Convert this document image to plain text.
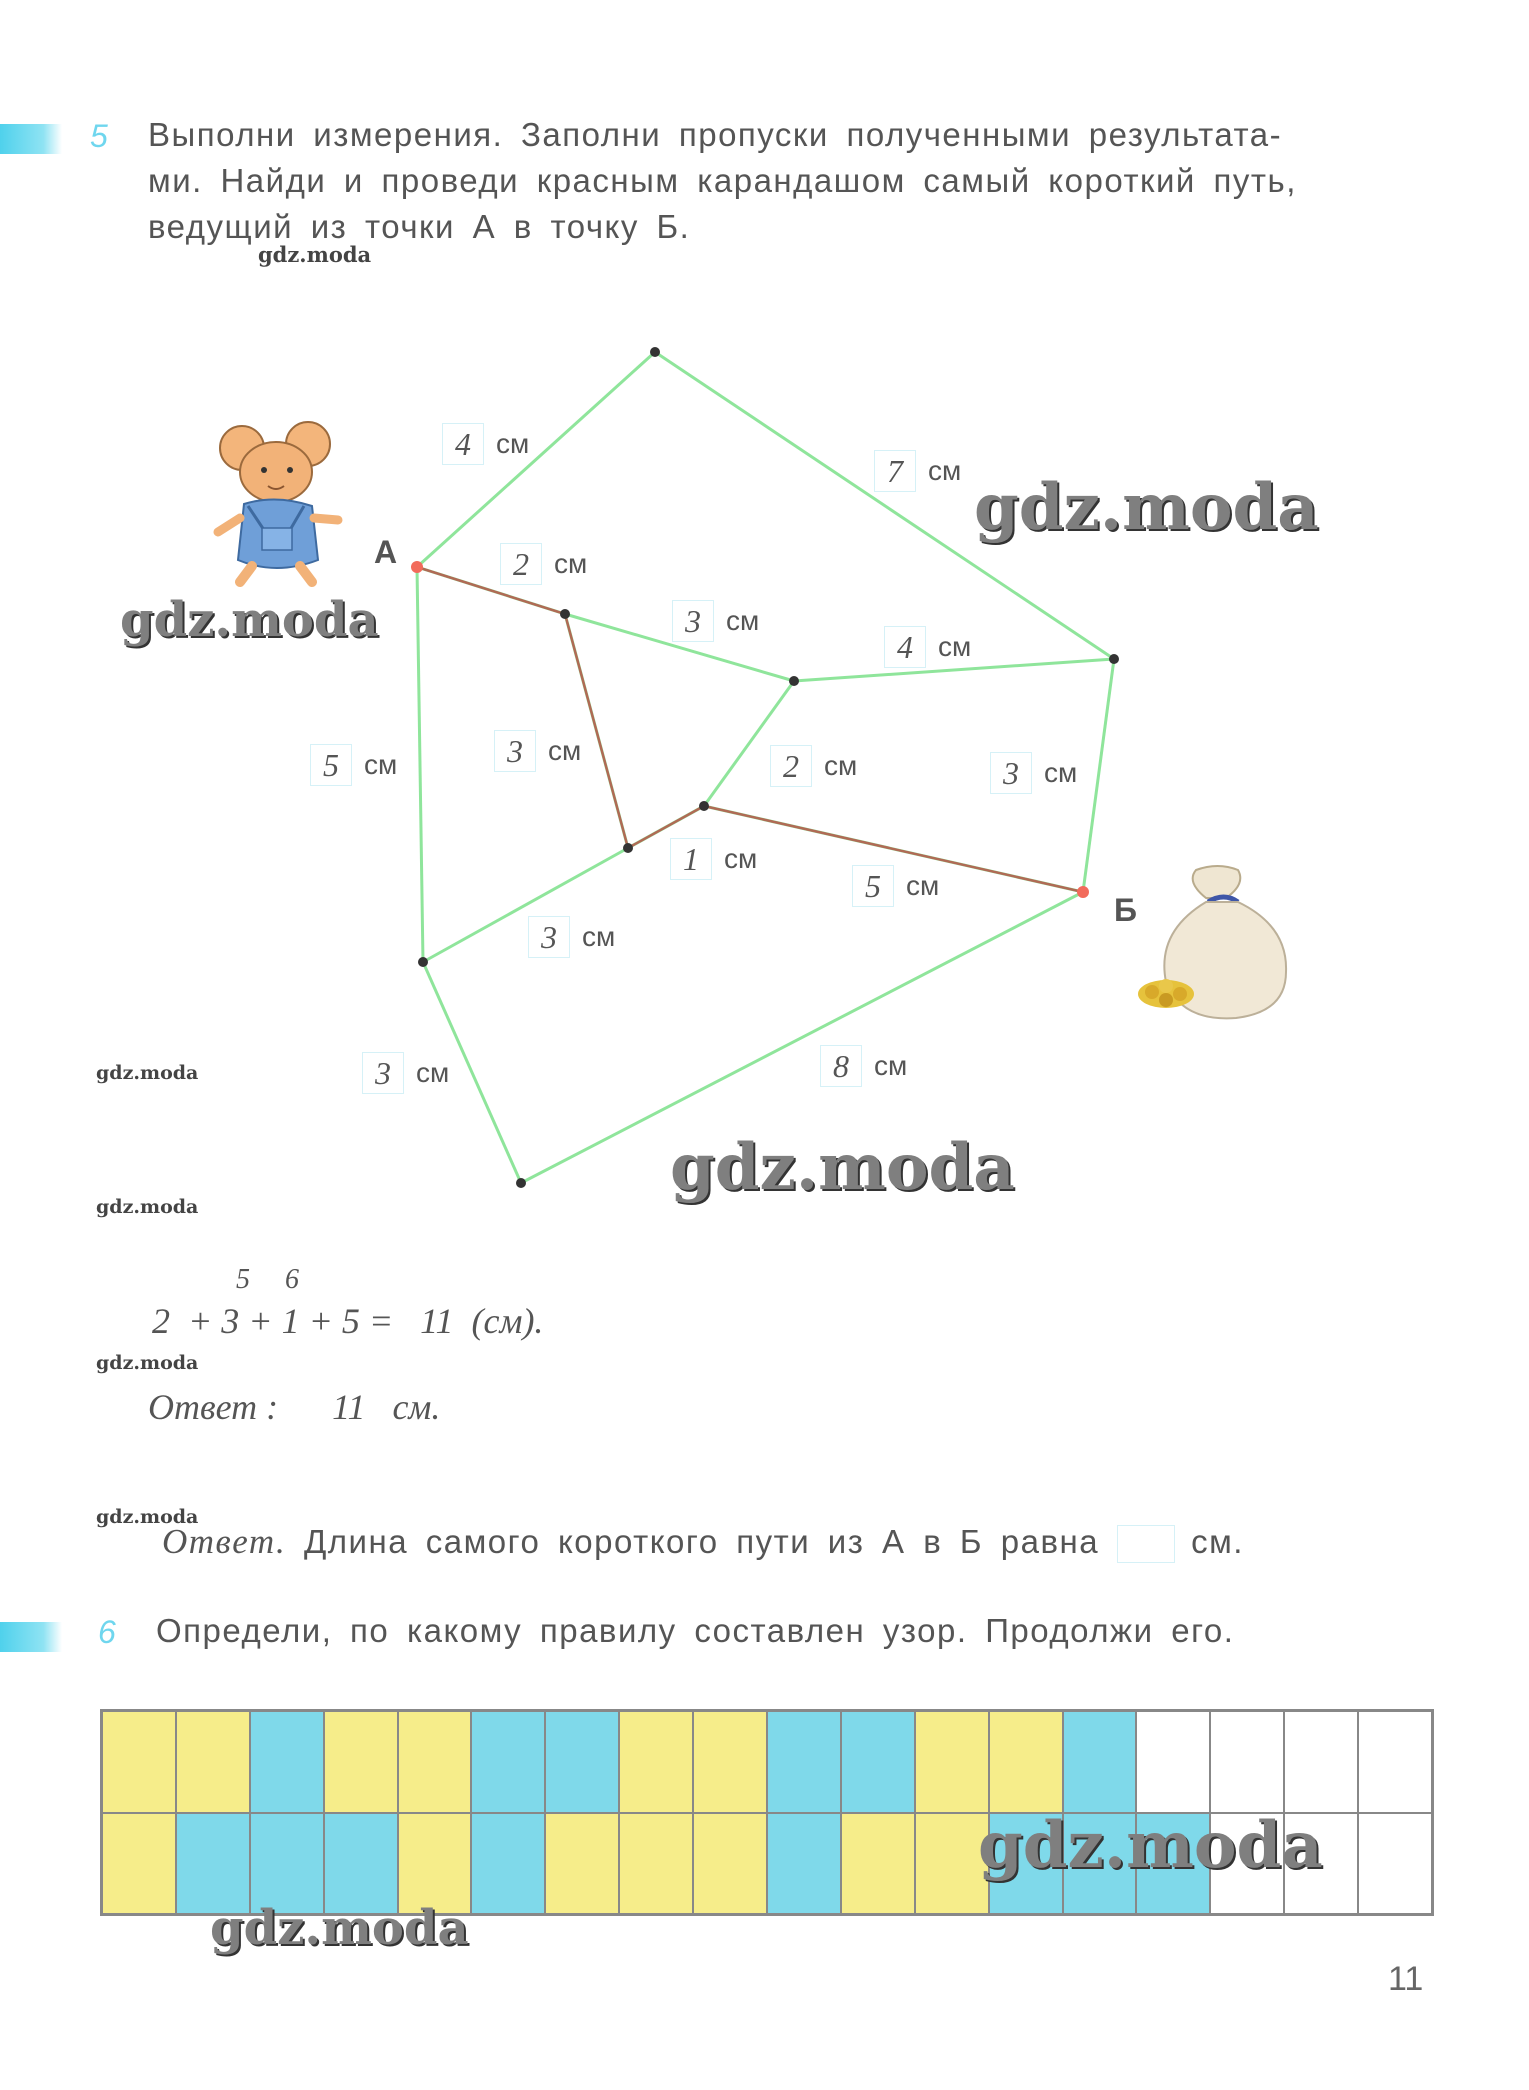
5 Выполни измерения. Заполни пропуски полученными результата-

ми. Найди и проведи красным карандашом самый короткий путь,

ведущий из точки А в точку Б.

gdz.moda
gdz.moda
gdz.moda
gdz.moda
gdz.moda
gdz.moda
gdz.moda
gdz.moda
А
Б
4 см
7 см
2 см
3 см
4 см
5 см	3 см	2 см	3 см
1 см
5 см
3 см
3 см	8 см
5     6
2  + 3 + 1 + 5 =   11  (см).
Ответ :      11   см.
Ответ. Длина самого короткого пути из А в Б равна	см.
6 Определи, по какому правилу составлен узор. Продолжи его.

gdz.moda
gdz.moda
11
